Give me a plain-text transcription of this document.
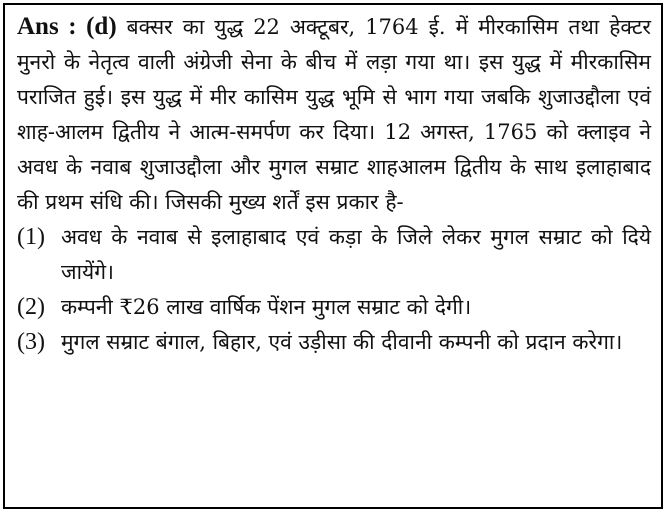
Ans : (d) बक्सर का युद्ध 22 अक्टूबर, 1764 ई. में मीरकासिम तथा हेक्टर मुनरो के नेतृत्व वाली अंग्रेजी सेना के बीच में लड़ा गया था। इस युद्ध में मीरकासिम पराजित हुई। इस युद्ध में मीर कासिम युद्ध भूमि से भाग गया जबकि शुजाउद्दौला एवं शाह-आलम द्वितीय ने आत्म-समर्पण कर दिया। 12 अगस्त, 1765 को क्लाइव ने अवध के नवाब शुजाउद्दौला और मुगल सम्राट शाहआलम द्वितीय के साथ इलाहाबाद की प्रथम संधि की। जिसकी मुख्य शर्तें इस प्रकार है-

(1) अवध के नवाब से इलाहाबाद एवं कड़ा के जिले लेकर मुगल सम्राट को दिये जायेंगे।
(2) कम्पनी ₹26 लाख वार्षिक पेंशन मुगल सम्राट को देगी।
(3) मुगल सम्राट बंगाल, बिहार, एवं उड़ीसा की दीवानी कम्पनी को प्रदान करेगा।
